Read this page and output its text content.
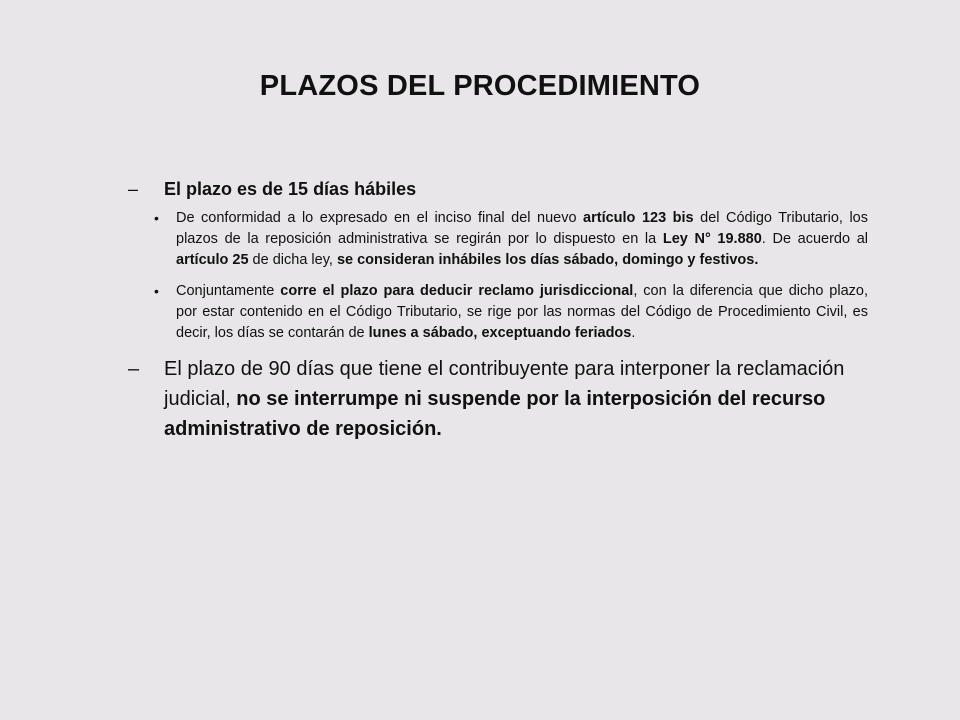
PLAZOS DEL PROCEDIMIENTO
–	El plazo es de 15 días hábiles
•	De conformidad a lo expresado en el inciso final del nuevo artículo 123 bis del Código Tributario, los plazos de la reposición administrativa se regirán por lo dispuesto en la Ley N° 19.880. De acuerdo al artículo 25 de dicha ley, se consideran inhábiles los días sábado, domingo y festivos.
•	Conjuntamente corre el plazo para deducir reclamo jurisdiccional, con la diferencia que dicho plazo, por estar contenido en el Código Tributario, se rige por las normas del Código de Procedimiento Civil, es decir, los días se contarán de lunes a sábado, exceptuando feriados.
–	El plazo de 90 días que tiene el contribuyente para interponer la reclamación judicial, no se interrumpe ni suspende por la interposición del recurso administrativo de reposición.
